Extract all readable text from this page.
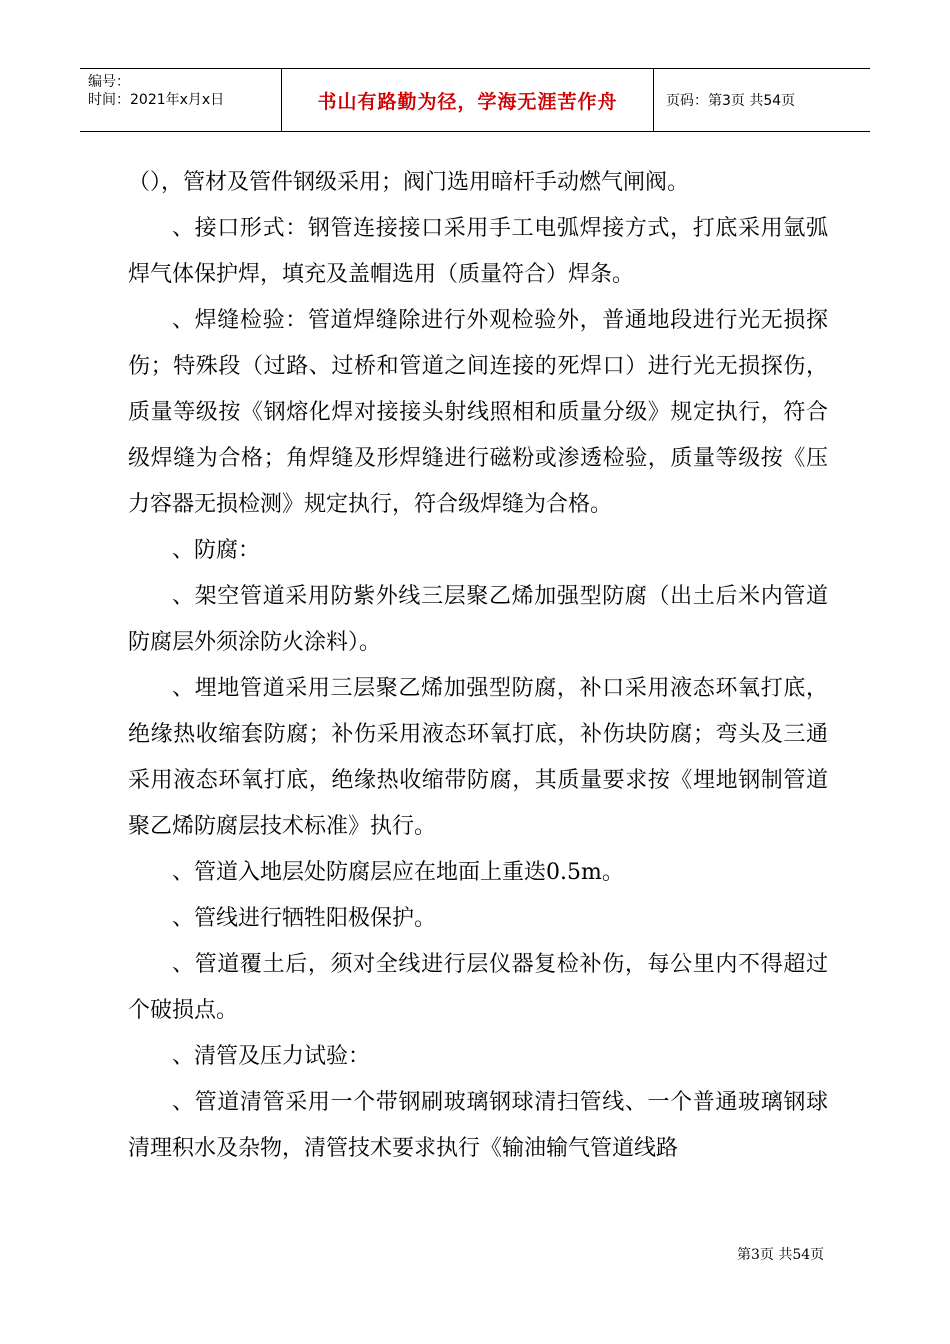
编号：
时间：2021年x月x日	书山有路勤为径，学海无涯苦作舟	页码：第3页 共54页

（），管材及管件钢级采用；阀门选用暗杆手动燃气闸阀。

、接口形式：钢管连接接口采用手工电弧焊接方式，打底采用氩弧焊气体保护焊，填充及盖帽选用（质量符合）焊条。

、焊缝检验：管道焊缝除进行外观检验外，普通地段进行光无损探伤；特殊段（过路、过桥和管道之间连接的死焊口）进行光无损探伤，质量等级按《钢熔化焊对接接头射线照相和质量分级》规定执行，符合级焊缝为合格；角焊缝及形焊缝进行磁粉或渗透检验，质量等级按《压力容器无损检测》规定执行，符合级焊缝为合格。

、防腐：

、架空管道采用防紫外线三层聚乙烯加强型防腐（出土后米内管道防腐层外须涂防火涂料）。

、埋地管道采用三层聚乙烯加强型防腐，补口采用液态环氧打底，绝缘热收缩套防腐；补伤采用液态环氧打底，补伤块防腐；弯头及三通采用液态环氧打底，绝缘热收缩带防腐，其质量要求按《埋地钢制管道聚乙烯防腐层技术标准》执行。

、管道入地层处防腐层应在地面上重迭0.5m。

、管线进行牺牲阳极保护。

、管道覆土后，须对全线进行层仪器复检补伤，每公里内不得超过个破损点。

、清管及压力试验：

、管道清管采用一个带钢刷玻璃钢球清扫管线、一个普通玻璃钢球清理积水及杂物，清管技术要求执行《输油输气管道线路

第3页 共54页
